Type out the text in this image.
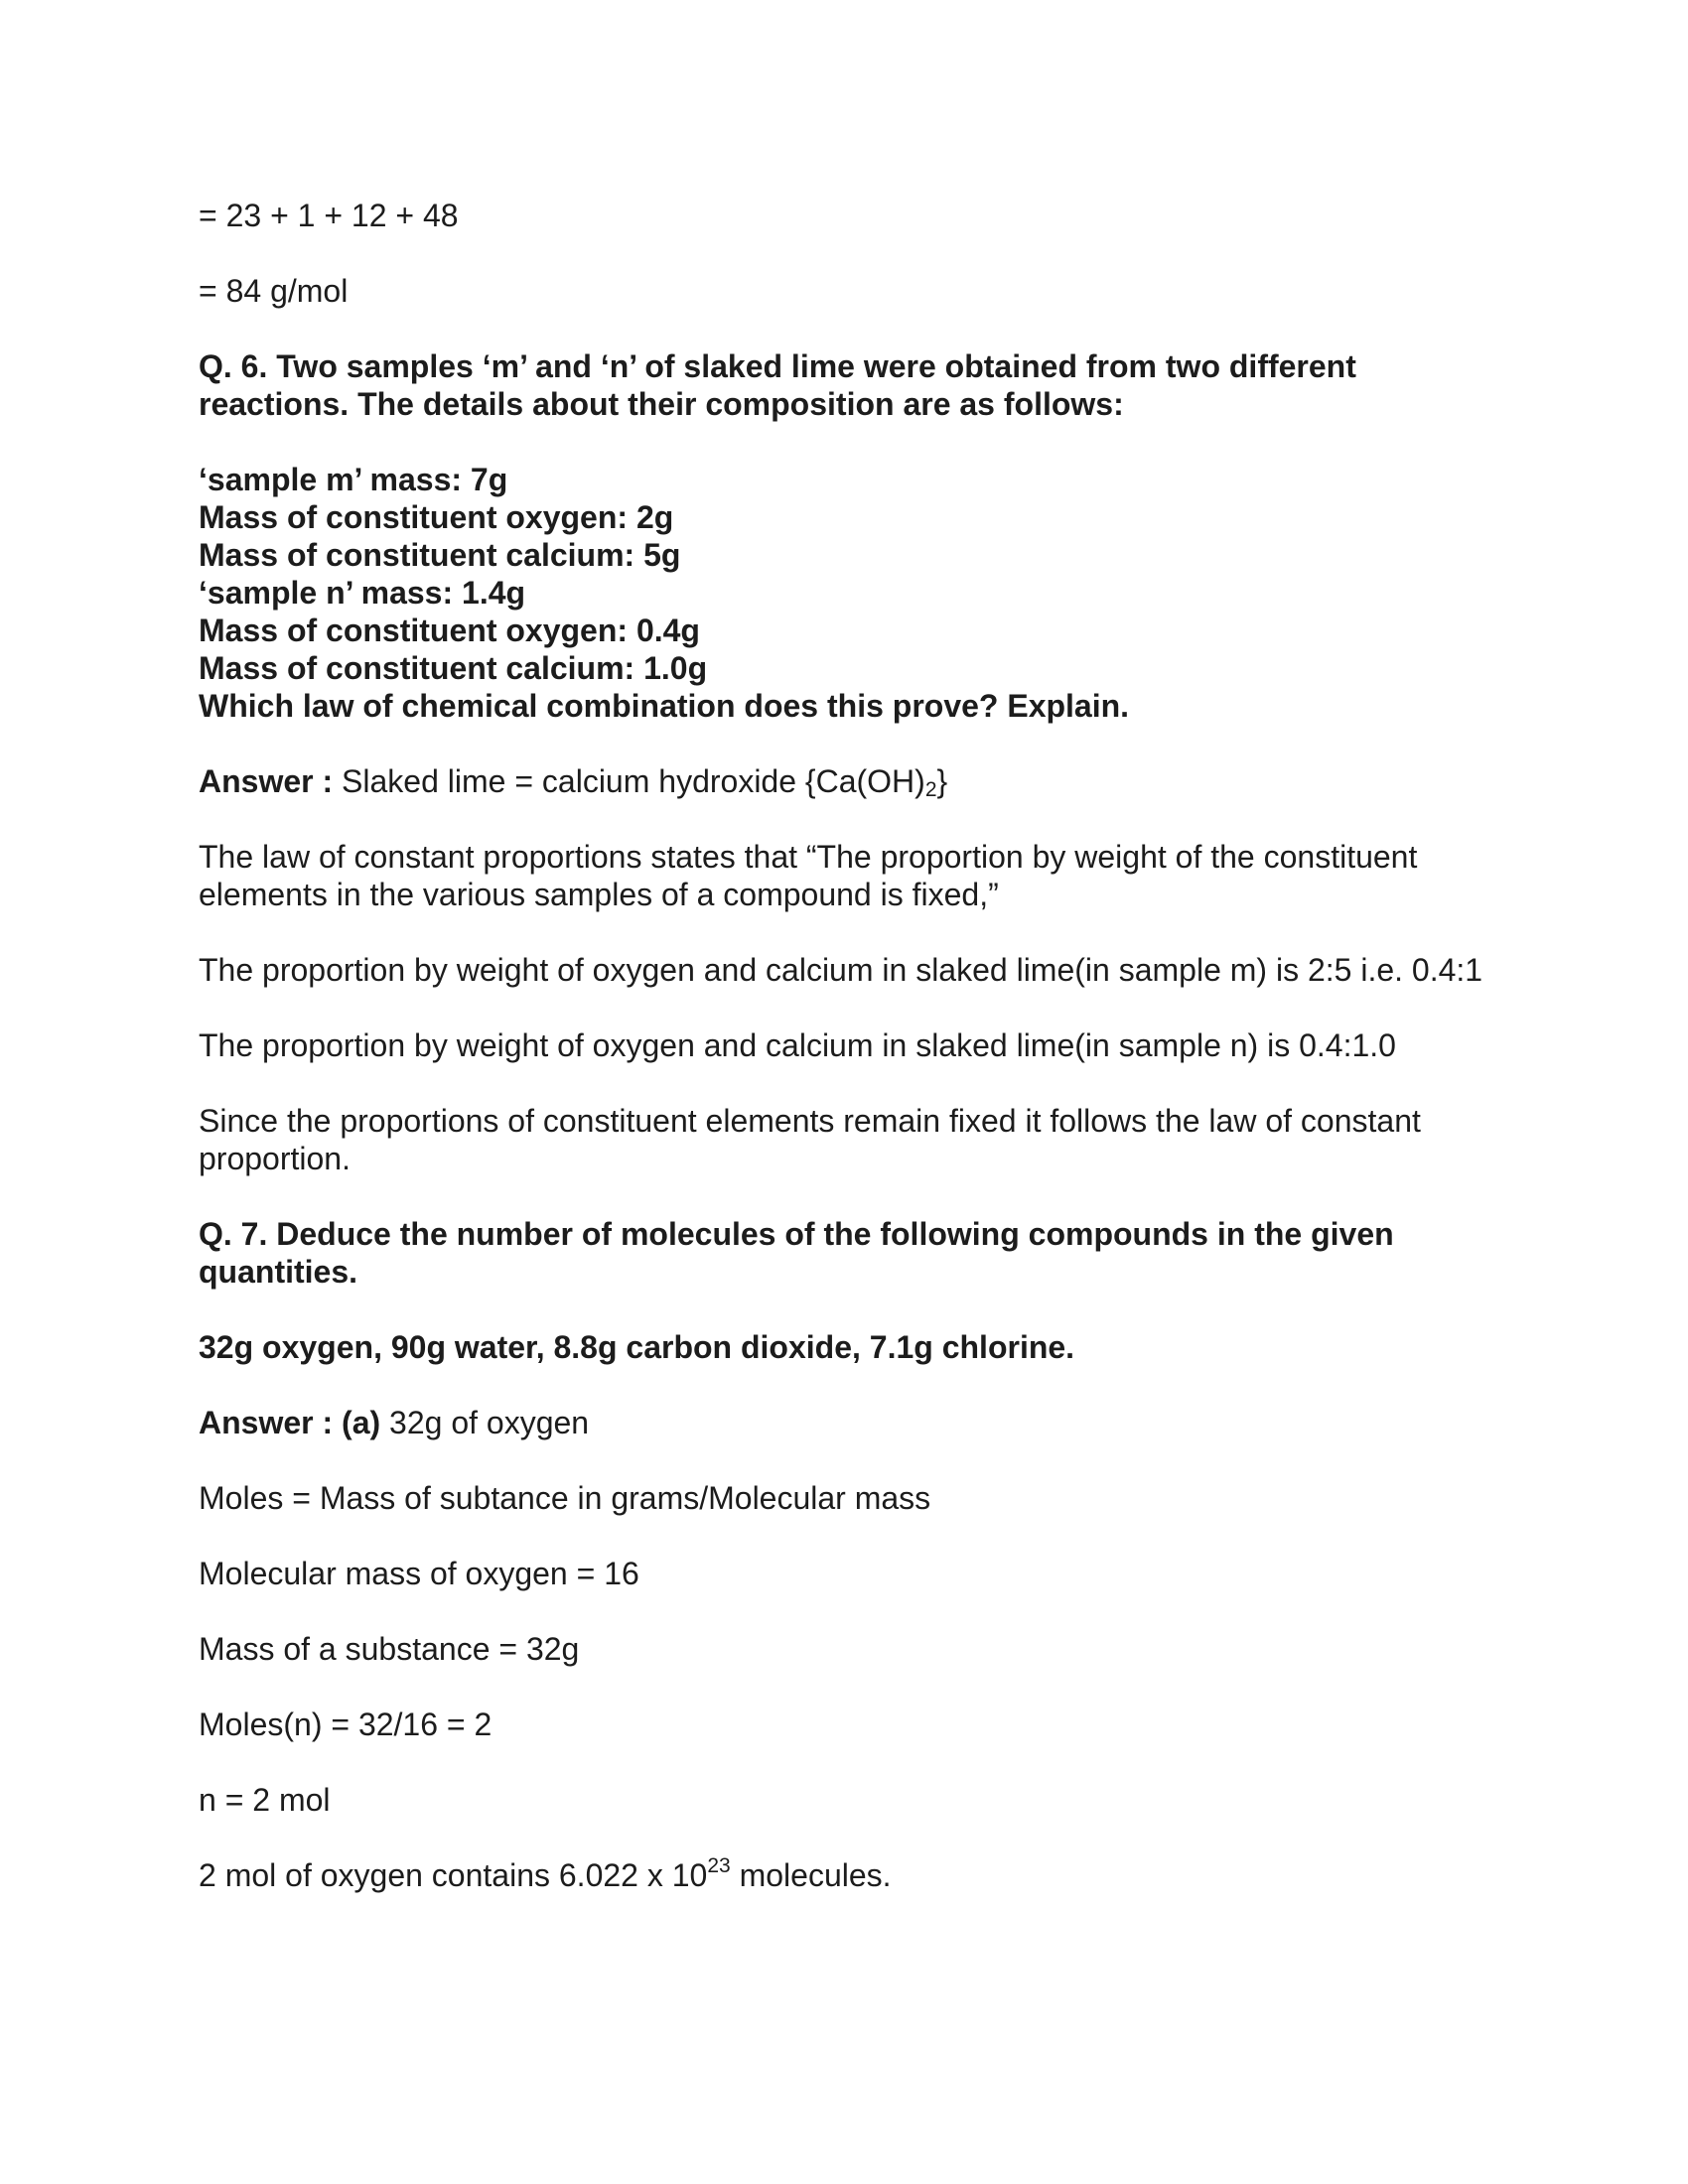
= 23 + 1 + 12 + 48

= 84 g/mol

Q. 6. Two samples ‘m’ and ‘n’ of slaked lime were obtained from two different reactions. The details about their composition are as follows:

‘sample m’ mass: 7g

Mass of constituent oxygen: 2g

Mass of constituent calcium: 5g

‘sample n’ mass: 1.4g

Mass of constituent oxygen: 0.4g

Mass of constituent calcium: 1.0g

Which law of chemical combination does this prove? Explain.

Answer : Slaked lime = calcium hydroxide $\{Ca(OH)_2\}$

The law of constant proportions states that “The proportion by weight of the constituent elements in the various samples of a compound is fixed,”

The proportion by weight of oxygen and calcium in slaked lime(in sample m) is 2:5 i.e. 0.4:1

The proportion by weight of oxygen and calcium in slaked lime(in sample n) is 0.4:1.0

Since the proportions of constituent elements remain fixed it follows the law of constant proportion.

Q. 7. Deduce the number of molecules of the following compounds in the given quantities.

32g oxygen, 90g water, 8.8g carbon dioxide, 7.1g chlorine.

Answer : (a) 32g of oxygen

Moles = Mass of subtance in grams/Molecular mass

Molecular mass of oxygen = 16

Mass of a substance = 32g

Moles(n) = 32/16 = 2

n = 2 mol

2 mol of oxygen contains 6.022 x $10^{23}$ molecules.
